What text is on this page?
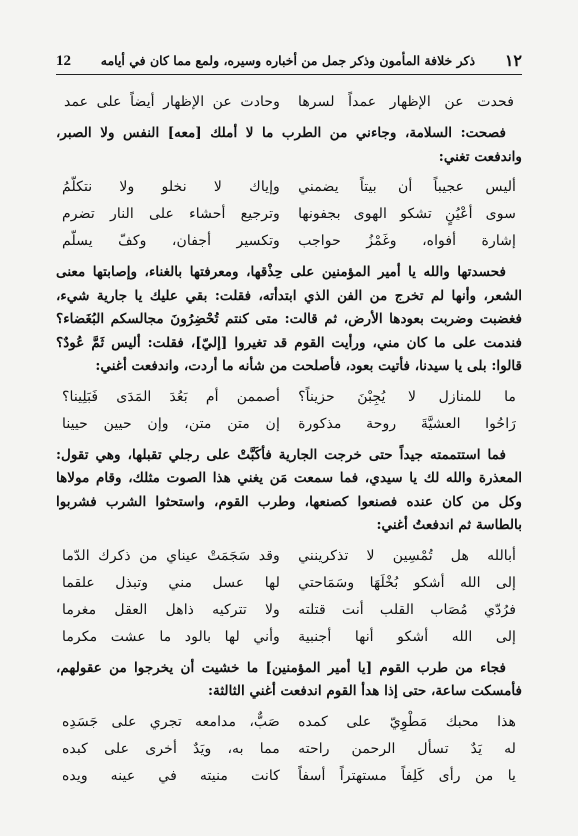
12 ذكر خلافة المأمون وذكر جمل من أخباره وسيره، ولمع مما كان في أيامه ١٢
فحدت عن الإظهار عمداً لسرها
وحادت عن الإظهار أيضاً على عمد

فصحت: السلامة، وجاءني من الطرب ما لا أملك [معه] النفس ولا الصبر، واندفعت تغني:

أليس عجيباً أن بيتاً يضمني
وإياك لا نخلو ولا نتكلّمُ
سوى أعْيُنٍ تشكو الهوى بجفونها
وترجيع أحشاء على النار تضرم
إشارة أفواه، وغَمْزُ حواجب
وتكسير أجفان، وكفّ يسلّم

فحسدتها والله يا أمير المؤمنين على حِذْقها، ومعرفتها بالغناء، وإصابتها معنى الشعر، وأنها لم تخرج من الفن الذي ابتدأته، فقلت: بقي عليك يا جارية شيء، فغضبت وضربت بعودها الأرض، ثم قالت: متى كنتم تُحْضِرُونَ مجالسكم البُغَضاء؟ فندمت على ما كان مني، ورأيت القوم قد تغيروا [إليّ]، فقلت: أليس ثَمَّ عُودٌ؟ قالوا: بلى يا سيدنا، فأتيت بعود، فأصلحت من شأنه ما أردت، واندفعت أغني:

ما للمنازل لا يُجِبْنَ حزيناً؟
أصممن أم بَعُدَ المَدَى فَبَلِينا؟
رَاحُوا العشيَّةَ روحة مذكورة
إن متن متن، وإن حيين حيينا

فما استتممته جيداً حتى خرجت الجارية فأكَبَّتْ على رجلي تقبلها، وهي تقول: المعذرة والله لك يا سيدي، فما سمعت مَن يغني هذا الصوت مثلك، وقام مولاها وكل من كان عنده فصنعوا كصنعها، وطرب القوم، واستحثوا الشرب فشربوا بالطاسة ثم اندفعتُ أغني:

أبالله هل تُمْسِين لا تذكرينني
وقد سَجَمَتْ عيناي من ذكرك الدّما
إلى الله أشكو بُخْلَهَا وسَمَاحتي
لها عسل مني وتبذل علقما
فرُدّي مُصَاب القلب أنت قتلته
ولا تتركيه ذاهل العقل مغرما
إلى الله أشكو أنها أجنبية
وأني لها بالود ما عشت مكرما

فجاء من طرب القوم [يا أمير المؤمنين] ما خشيت أن يخرجوا من عقولهم، فأمسكت ساعة، حتى إذا هدأ القوم اندفعت أغني الثالثة:

هذا محبك مَطْوِيّ على كمده
صَبٌّ، مدامعه تجري على جَسَدِه
له يَدٌ تسأل الرحمن راحته
مما به، ويَدٌ أخرى على كبده
يا من رأى كَلِفاً مستهتراً أسفاً
كانت منيته في عينه ويده
